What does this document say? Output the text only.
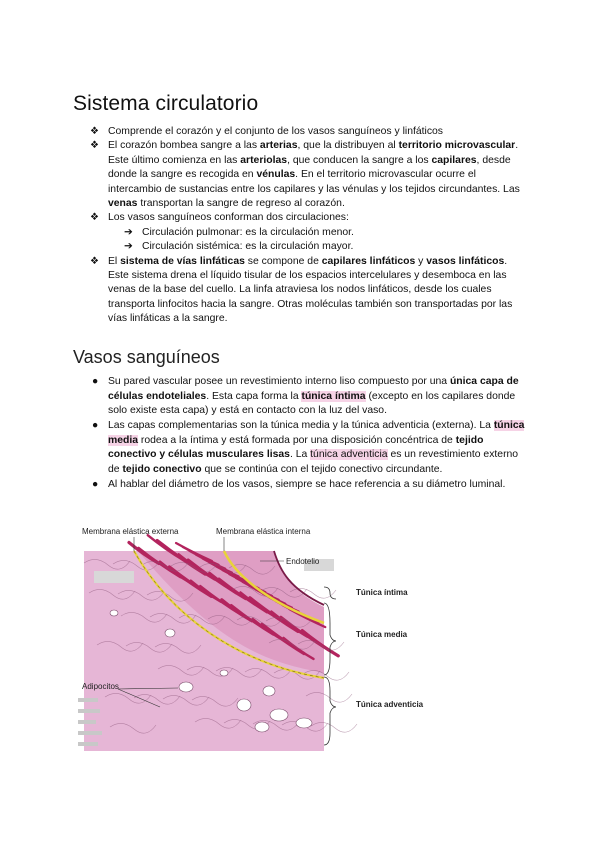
Sistema circulatorio
❖ Comprende el corazón y el conjunto de los vasos sanguíneos y linfáticos
❖ El corazón bombea sangre a las arterias, que la distribuyen al territorio microvascular. Este último comienza en las arteriolas, que conducen la sangre a los capilares, desde donde la sangre es recogida en vénulas. En el territorio microvascular ocurre el intercambio de sustancias entre los capilares y las vénulas y los tejidos circundantes. Las venas transportan la sangre de regreso al corazón.
❖ Los vasos sanguíneos conforman dos circulaciones:
➔ Circulación pulmonar: es la circulación menor.
➔ Circulación sistémica: es la circulación mayor.
❖ El sistema de vías linfáticas se compone de capilares linfáticos y vasos linfáticos. Este sistema drena el líquido tisular de los espacios intercelulares y desemboca en las venas de la base del cuello. La linfa atraviesa los nodos linfáticos, desde los cuales transporta linfocitos hacia la sangre. Otras moléculas también son transportadas por las vías linfáticas a la sangre.
Vasos sanguíneos
● Su pared vascular posee un revestimiento interno liso compuesto por una única capa de células endoteliales. Esta capa forma la túnica íntima (excepto en los capilares donde solo existe esta capa) y está en contacto con la luz del vaso.
● Las capas complementarias son la túnica media y la túnica adventicia (externa). La túnica media rodea a la íntima y está formada por una disposición concéntrica de tejido conectivo y células musculares lisas. La túnica adventicia es un revestimiento externo de tejido conectivo que se continúa con el tejido conectivo circundante.
● Al hablar del diámetro de los vasos, siempre se hace referencia a su diámetro luminal.
Membrana elástica externa	Membrana elástica interna
Endotelio
Adipocitos
Túnica íntima
Túnica media
Túnica adventicia
